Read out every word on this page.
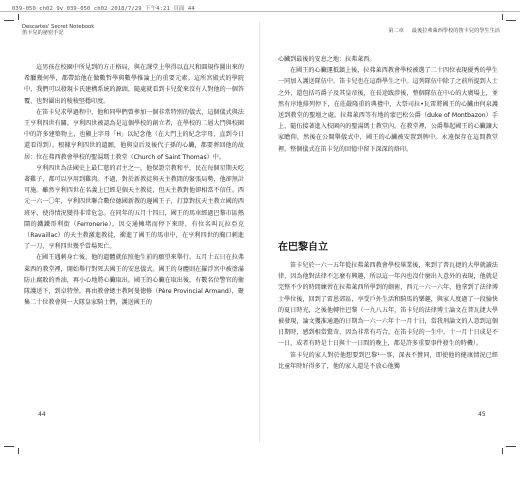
039-050 ch02_9v_039-050 ch02 2018/7/29 下午4:21 頁面 44
Descartes' Secret Notebook
笛卡兒的祕密手記

這男孩在校園中所見到的方正格局，與在課堂上學得以直尺和圓規作圖出來的希臘幾何學，都帶給他在做數哲學與數學推論上的重要元素。這所宮殿式的學院中，我們可以發現卡氏建構系統的源頭，隨處就看到卡兒從來沒有人對他的一個答覆，也對圍出的稜稜堅穩印度。

在笛卡兒求學過程中，他和同學們曾參加一個非常特別的儀式，這個儀式與法王亨利四世有關。亨利四世被認為是這個學校的創立者，在學校的二層大門與校園中的許多建築物上，也顯上字母「H」以紀念他（在大門上的紀念字母，直到今日還看得到）。根據亨利四世的遺願，他與皇后及後代子孫的心臟，都要葬回他的故居：位在弗西教會學校的聖湯瑪士教堂（Church of Saint Thomas）中。

亨利四世為法國史上最仁慈的君主之一，他保證宗教和平，民在每個星期天吃著雞子，都可以享用到雞肉。不過，對於新教徒與天主教間的緊張局勢，他卻無計可施。雖然亨利四世在名義上已經是個天主教徒，但天主教對他卻相當不信任。西元一六一〇年，亨利四世聯合數位德國新教的邊國王子，打算對抗天主教立國的西班牙，使得情況變得非常危急。在同年的五月十四日，國王的馬車經過巴黎市區熱鬧的鐵鐵哥利街（Ferronerie），因交通擁堵而停下來時，有位名叫瓦拉亞克（Ravaillac）的天主教激進教徒，衝進了國王的馬車中，在亨利四世的胸口刺進了一刀，亨利四世幾乎當場死亡。

在國王遇刺身亡後，他的遺體就依照他生前的願望來舉行。五月十五日在拉弗萊西的教堂裡，開始舉行對死去國王的安息儀式。國王的身體則在羅浮宮中被塗滿防止腐敗的香油，再小心地將心臟取出。國王的心臟在取出後，有數名位警官的衛隊護送下，到卓特堡。再由教會總主教阿曼徳修（Père Provincial Armand），聚集二十位教會與一大隊皇家騎士們，護送國王的

第二章 最後拉弗萊西學校的笛卡兒的學生生活

心臟到最後的安息之地：拉弗萊西。

在國王的心臟運抵鎮上後，拉弗萊西教會學校被選了二十四位表現優秀的學生一同加入護送隊伍中，笛卡兒也在這群學生之中。這列隊伍中除了之前所提到人士之外，還包括巧爵子及其皇帝後，在長途跋涉後，整個隊伍在中心的大廣場上，並然有序地排列停下，在莊嚴隆重的典禮中，大祭司拉•瓦雷將國王的心臟由何泉護送到教堂的聖壇之處。拉弗萊西等有地的蒙巴松公爵（duke of Montbazon）手上，隨伍接著進入校園內的聖湯瑪士教堂內。在教堂裡，公爵舉起國王的心臟讓大家瞻仰，然後在公開舉儀式中，國王的心臟被安置到牌中。永遠保存在這間教堂裡。整個儀式在笛卡兒的回憶中留下深深的烙印。

在巴黎自立

笛卡兒於一六一五年從拉弗萊西教會學校畢業後，來到了普瓦捷的大學就讀法律，因為他對法律不怎麼有興趣，所以這一年內也沒什麼出人意外的表現，他就是完整不少的時間練習在拉弗萊西所學到的劍術，西元一六一六年，他拿到了法律博士學位後，回到了雷恩郊區，享受戶外生活和騎馬的樂趣，與家人度過了一段愉快的夏日時光，之後他轉往巴黎（一九八五年，笛卡兒的法律博士論文在普瓦捷大學被發現，論文獲准通過的日期為一六一六年十一月十日，當我刑論文的人意到這個日期時，感到相當驚奇，因為非常有巧合，在笛卡兒的一生中，十一月十日成是不一日，成者有時是十日與十一日間的晚上，都是許多重要事件發生的時機）。

笛卡兒的家人對於他想要到巴黎¹一事，深表不贊同，即使他的健康情況已經比童年時好得多了，他的家人還是不放心他獨

44	45
